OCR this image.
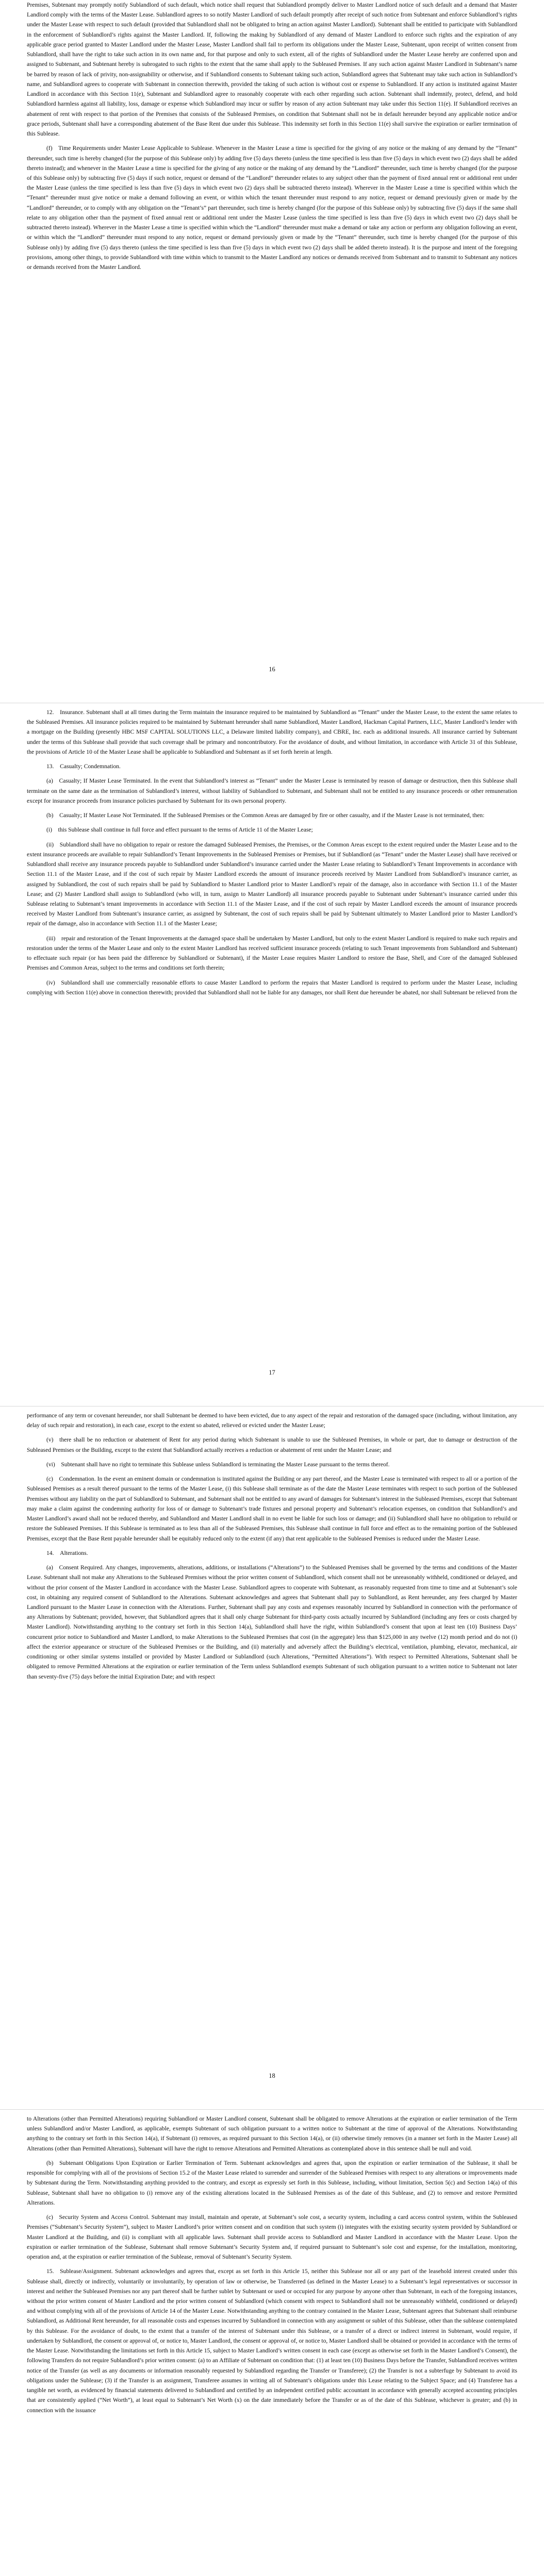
Premises, Subtenant may promptly notify Sublandlord of such default, which notice shall request that Sublandlord promptly deliver to Master Landlord notice of such default and a demand that Master Landlord comply with the terms of the Master Lease. Sublandlord agrees to so notify Master Landlord of such default promptly after receipt of such notice from Subtenant and enforce Sublandlord’s rights under the Master Lease with respect to such default (provided that Sublandlord shall not be obligated to bring an action against Master Landlord). Subtenant shall be entitled to participate with Sublandlord in the enforcement of Sublandlord’s rights against the Master Landlord. If, following the making by Sublandlord of any demand of Master Landlord to enforce such rights and the expiration of any applicable grace period granted to Master Landlord under the Master Lease, Master Landlord shall fail to perform its obligations under the Master Lease, Subtenant, upon receipt of written consent from Sublandlord, shall have the right to take such action in its own name and, for that purpose and only to such extent, all of the rights of Sublandlord under the Master Lease hereby are conferred upon and assigned to Subtenant, and Subtenant hereby is subrogated to such rights to the extent that the same shall apply to the Subleased Premises. If any such action against Master Landlord in Subtenant’s name be barred by reason of lack of privity, non-assignability or otherwise, and if Sublandlord consents to Subtenant taking such action, Sublandlord agrees that Subtenant may take such action in Sublandlord’s name, and Sublandlord agrees to cooperate with Subtenant in connection therewith, provided the taking of such action is without cost or expense to Sublandlord. If any action is instituted against Master Landlord in accordance with this Section 11(e), Subtenant and Sublandlord agree to reasonably cooperate with each other regarding such action. Subtenant shall indemnify, protect, defend, and hold Sublandlord harmless against all liability, loss, damage or expense which Sublandlord may incur or suffer by reason of any action Subtenant may take under this Section 11(e). If Sublandlord receives an abatement of rent with respect to that portion of the Premises that consists of the Subleased Premises, on condition that Subtenant shall not be in default hereunder beyond any applicable notice and/or grace periods, Subtenant shall have a corresponding abatement of the Base Rent due under this Sublease. This indemnity set forth in this Section 11(e) shall survive the expiration or earlier termination of this Sublease.

(f) Time Requirements under Master Lease Applicable to Sublease. Whenever in the Master Lease a time is specified for the giving of any notice or the making of any demand by the “Tenant” thereunder, such time is hereby changed (for the purpose of this Sublease only) by adding five (5) days thereto (unless the time specified is less than five (5) days in which event two (2) days shall be added thereto instead); and whenever in the Master Lease a time is specified for the giving of any notice or the making of any demand by the “Landlord” thereunder, such time is hereby changed (for the purpose of this Sublease only) by subtracting five (5) days if such notice, request or demand of the “Landlord” thereunder relates to any subject other than the payment of fixed annual rent or additional rent under the Master Lease (unless the time specified is less than five (5) days in which event two (2) days shall be subtracted thereto instead). Wherever in the Master Lease a time is specified within which the “Tenant” thereunder must give notice or make a demand following an event, or within which the tenant thereunder must respond to any notice, request or demand previously given or made by the “Landlord” thereunder, or to comply with any obligation on the “Tenant’s” part thereunder, such time is hereby changed (for the purpose of this Sublease only) by subtracting five (5) days if the same shall relate to any obligation other than the payment of fixed annual rent or additional rent under the Master Lease (unless the time specified is less than five (5) days in which event two (2) days shall be subtracted thereto instead). Wherever in the Master Lease a time is specified within which the “Landlord” thereunder must make a demand or take any action or perform any obligation following an event, or within which the “Landlord” thereunder must respond to any notice, request or demand previously given or made by the “Tenant” thereunder, such time is hereby changed (for the purpose of this Sublease only) by adding five (5) days thereto (unless the time specified is less than five (5) days in which event two (2) days shall be added thereto instead). It is the purpose and intent of the foregoing provisions, among other things, to provide Sublandlord with time within which to transmit to the Master Landlord any notices or demands received from Subtenant and to transmit to Subtenant any notices or demands received from the Master Landlord.

16

12. Insurance. Subtenant shall at all times during the Term maintain the insurance required to be maintained by Sublandlord as “Tenant” under the Master Lease, to the extent the same relates to the Subleased Premises. All insurance policies required to be maintained by Subtenant hereunder shall name Sublandlord, Master Landlord, Hackman Capital Partners, LLC, Master Landlord’s lender with a mortgage on the Building (presently HBC MSF CAPITAL SOLUTIONS LLC, a Delaware limited liability company), and CBRE, Inc. each as additional insureds. All insurance carried by Subtenant under the terms of this Sublease shall provide that such coverage shall be primary and noncontributory. For the avoidance of doubt, and without limitation, in accordance with Article 31 of this Sublease, the provisions of Article 10 of the Master Lease shall be applicable to Sublandlord and Subtenant as if set forth herein at length.

13. Casualty; Condemnation.

(a) Casualty; If Master Lease Terminated. In the event that Sublandlord’s interest as “Tenant” under the Master Lease is terminated by reason of damage or destruction, then this Sublease shall terminate on the same date as the termination of Sublandlord’s interest, without liability of Sublandlord to Subtenant, and Subtenant shall not be entitled to any insurance proceeds or other remuneration except for insurance proceeds from insurance policies purchased by Subtenant for its own personal property.

(b) Casualty; If Master Lease Not Terminated. If the Subleased Premises or the Common Areas are damaged by fire or other casualty, and if the Master Lease is not terminated, then:

(i) this Sublease shall continue in full force and effect pursuant to the terms of Article 11 of the Master Lease;

(ii) Sublandlord shall have no obligation to repair or restore the damaged Subleased Premises, the Premises, or the Common Areas except to the extent required under the Master Lease and to the extent insurance proceeds are available to repair Sublandlord’s Tenant Improvements in the Subleased Premises or Premises, but if Sublandlord (as “Tenant” under the Master Lease) shall have received or Sublandlord shall receive any insurance proceeds payable to Sublandlord under Sublandlord’s insurance carried under the Master Lease relating to Sublandlord’s Tenant Improvements in accordance with Section 11.1 of the Master Lease, and if the cost of such repair by Master Landlord exceeds the amount of insurance proceeds received by Master Landlord from Sublandlord’s insurance carrier, as assigned by Sublandlord, the cost of such repairs shall be paid by Sublandlord to Master Landlord prior to Master Landlord’s repair of the damage, also in accordance with Section 11.1 of the Master Lease; and (2) Master Landlord shall assign to Sublandlord (who will, in turn, assign to Master Landlord) all insurance proceeds payable to Subtenant under Subtenant’s insurance carried under this Sublease relating to Subtenant’s tenant improvements in accordance with Section 11.1 of the Master Lease, and if the cost of such repair by Master Landlord exceeds the amount of insurance proceeds received by Master Landlord from Subtenant’s insurance carrier, as assigned by Subtenant, the cost of such repairs shall be paid by Subtenant ultimately to Master Landlord prior to Master Landlord’s repair of the damage, also in accordance with Section 11.1 of the Master Lease;

(iii) repair and restoration of the Tenant Improvements at the damaged space shall be undertaken by Master Landlord, but only to the extent Master Landlord is required to make such repairs and restoration under the terms of the Master Lease and only to the extent Master Landlord has received sufficient insurance proceeds (relating to such Tenant improvements from Sublandlord and Subtenant) to effectuate such repair (or has been paid the difference by Sublandlord or Subtenant), if the Master Lease requires Master Landlord to restore the Base, Shell, and Core of the damaged Subleased Premises and Common Areas, subject to the terms and conditions set forth therein;

(iv) Sublandlord shall use commercially reasonable efforts to cause Master Landlord to perform the repairs that Master Landlord is required to perform under the Master Lease, including complying with Section 11(e) above in connection therewith; provided that Sublandlord shall not be liable for any damages, nor shall Rent due hereunder be abated, nor shall Subtenant be relieved from the

17

performance of any term or covenant hereunder, nor shall Subtenant be deemed to have been evicted, due to any aspect of the repair and restoration of the damaged space (including, without limitation, any delay of such repair and restoration), in each case, except to the extent so abated, relieved or evicted under the Master Lease;

(v) there shall be no reduction or abatement of Rent for any period during which Subtenant is unable to use the Subleased Premises, in whole or part, due to damage or destruction of the Subleased Premises or the Building, except to the extent that Sublandlord actually receives a reduction or abatement of rent under the Master Lease; and

(vi) Subtenant shall have no right to terminate this Sublease unless Sublandlord is terminating the Master Lease pursuant to the terms thereof.

(c) Condemnation. In the event an eminent domain or condemnation is instituted against the Building or any part thereof, and the Master Lease is terminated with respect to all or a portion of the Subleased Premises as a result thereof pursuant to the terms of the Master Lease, (i) this Sublease shall terminate as of the date the Master Lease terminates with respect to such portion of the Subleased Premises without any liability on the part of Sublandlord to Subtenant, and Subtenant shall not be entitled to any award of damages for Subtenant’s interest in the Subleased Premises, except that Subtenant may make a claim against the condemning authority for loss of or damage to Subtenant’s trade fixtures and personal property and Subtenant’s relocation expenses, on condition that Sublandlord’s and Master Landlord’s award shall not be reduced thereby, and Sublandlord and Master Landlord shall in no event be liable for such loss or damage; and (ii) Sublandlord shall have no obligation to rebuild or restore the Subleased Premises. If this Sublease is terminated as to less than all of the Subleased Premises, this Sublease shall continue in full force and effect as to the remaining portion of the Subleased Premises, except that the Base Rent payable hereunder shall be equitably reduced only to the extent (if any) that rent applicable to the Subleased Premises is reduced under the Master Lease.

14. Alterations.

(a) Consent Required. Any changes, improvements, alterations, additions, or installations (“Alterations”) to the Subleased Premises shall be governed by the terms and conditions of the Master Lease. Subtenant shall not make any Alterations to the Subleased Premises without the prior written consent of Sublandlord, which consent shall not be unreasonably withheld, conditioned or delayed, and without the prior consent of the Master Landlord in accordance with the Master Lease. Sublandlord agrees to cooperate with Subtenant, as reasonably requested from time to time and at Subtenant’s sole cost, in obtaining any required consent of Sublandlord to the Alterations. Subtenant acknowledges and agrees that Subtenant shall pay to Sublandlord, as Rent hereunder, any fees charged by Master Landlord pursuant to the Master Lease in connection with the Alterations. Further, Subtenant shall pay any costs and expenses reasonably incurred by Sublandlord in connection with the performance of any Alterations by Subtenant; provided, however, that Sublandlord agrees that it shall only charge Subtenant for third-party costs actually incurred by Sublandlord (including any fees or costs charged by Master Landlord). Notwithstanding anything to the contrary set forth in this Section 14(a), Sublandlord shall have the right, within Sublandlord’s consent that upon at least ten (10) Business Days’ concurrent prior notice to Sublandlord and Master Landlord, to make Alterations to the Subleased Premises that cost (in the aggregate) less than $125,000 in any twelve (12) month period and do not (i) affect the exterior appearance or structure of the Subleased Premises or the Building, and (ii) materially and adversely affect the Building’s electrical, ventilation, plumbing, elevator, mechanical, air conditioning or other similar systems installed or provided by Master Landlord or Sublandlord (such Alterations, “Permitted Alterations”). With respect to Permitted Alterations, Subtenant shall be obligated to remove Permitted Alterations at the expiration or earlier termination of the Term unless Sublandlord exempts Subtenant of such obligation pursuant to a written notice to Subtenant not later than seventy-five (75) days before the initial Expiration Date; and with respect

18

to Alterations (other than Permitted Alterations) requiring Sublandlord or Master Landlord consent, Subtenant shall be obligated to remove Alterations at the expiration or earlier termination of the Term unless Sublandlord and/or Master Landlord, as applicable, exempts Subtenant of such obligation pursuant to a written notice to Subtenant at the time of approval of the Alterations. Notwithstanding anything to the contrary set forth in this Section 14(a), if Subtenant (i) removes, as required pursuant to this Section 14(a), or (ii) otherwise timely removes (in a manner set forth in the Master Lease) all Alterations (other than Permitted Alterations), Subtenant will have the right to remove Alterations and Permitted Alterations as contemplated above in this sentence shall be null and void.

(b) Subtenant Obligations Upon Expiration or Earlier Termination of Term. Subtenant acknowledges and agrees that, upon the expiration or earlier termination of the Sublease, it shall be responsible for complying with all of the provisions of Section 15.2 of the Master Lease related to surrender and surrender of the Subleased Premises with respect to any alterations or improvements made by Subtenant during the Term. Notwithstanding anything provided to the contrary, and except as expressly set forth in this Sublease, including, without limitation, Section 5(c) and Section 14(a) of this Sublease, Subtenant shall have no obligation to (i) remove any of the existing alterations located in the Subleased Premises as of the date of this Sublease, and (2) to remove and restore Permitted Alterations.

(c) Security System and Access Control. Subtenant may install, maintain and operate, at Subtenant’s sole cost, a security system, including a card access control system, within the Subleased Premises (“Subtenant’s Security System”), subject to Master Landlord’s prior written consent and on condition that such system (i) integrates with the existing security system provided by Sublandlord or Master Landlord at the Building, and (ii) is compliant with all applicable laws. Subtenant shall provide access to Sublandlord and Master Landlord in accordance with the Master Lease. Upon the expiration or earlier termination of the Sublease, Subtenant shall remove Subtenant’s Security System and, if required pursuant to Subtenant’s sole cost and expense, for the installation, monitoring, operation and, at the expiration or earlier termination of the Sublease, removal of Subtenant’s Security System.

15. Sublease/Assignment. Subtenant acknowledges and agrees that, except as set forth in this Article 15, neither this Sublease nor all or any part of the leasehold interest created under this Sublease shall, directly or indirectly, voluntarily or involuntarily, by operation of law or otherwise, be Transferred (as defined in the Master Lease) to a Subtenant’s legal representatives or successor in interest and neither the Subleased Premises nor any part thereof shall be further sublet by Subtenant or used or occupied for any purpose by anyone other than Subtenant, in each of the foregoing instances, without the prior written consent of Master Landlord and the prior written consent of Sublandlord (which consent with respect to Sublandlord shall not be unreasonably withheld, conditioned or delayed) and without complying with all of the provisions of Article 14 of the Master Lease. Notwithstanding anything to the contrary contained in the Master Lease, Subtenant agrees that Subtenant shall reimburse Sublandlord, as Additional Rent hereunder, for all reasonable costs and expenses incurred by Sublandlord in connection with any assignment or sublet of this Sublease, other than the sublease contemplated by this Sublease. For the avoidance of doubt, to the extent that a transfer of the interest of Subtenant under this Sublease, or a transfer of a direct or indirect interest in Subtenant, would require, if undertaken by Sublandlord, the consent or approval of, or notice to, Master Landlord, the consent or approval of, or notice to, Master Landlord shall be obtained or provided in accordance with the terms of the Master Lease. Notwithstanding the limitations set forth in this Article 15, subject to Master Landlord’s written consent in each case (except as otherwise set forth in the Master Landlord’s Consent), the following Transfers do not require Sublandlord’s prior written consent: (a) to an Affiliate of Subtenant on condition that: (1) at least ten (10) Business Days before the Transfer, Sublandlord receives written notice of the Transfer (as well as any documents or information reasonably requested by Sublandlord regarding the Transfer or Transferee); (2) the Transfer is not a subterfuge by Subtenant to avoid its obligations under the Sublease; (3) if the Transfer is an assignment, Transferee assumes in writing all of Subtenant’s obligations under this Lease relating to the Subject Space; and (4) Transferee has a tangible net worth, as evidenced by financial statements delivered to Sublandlord and certified by an independent certified public accountant in accordance with generally accepted accounting principles that are consistently applied (“Net Worth”), at least equal to Subtenant’s Net Worth (x) on the date immediately before the Transfer or as of the date of this Sublease, whichever is greater; and (b) in connection with the issuance
